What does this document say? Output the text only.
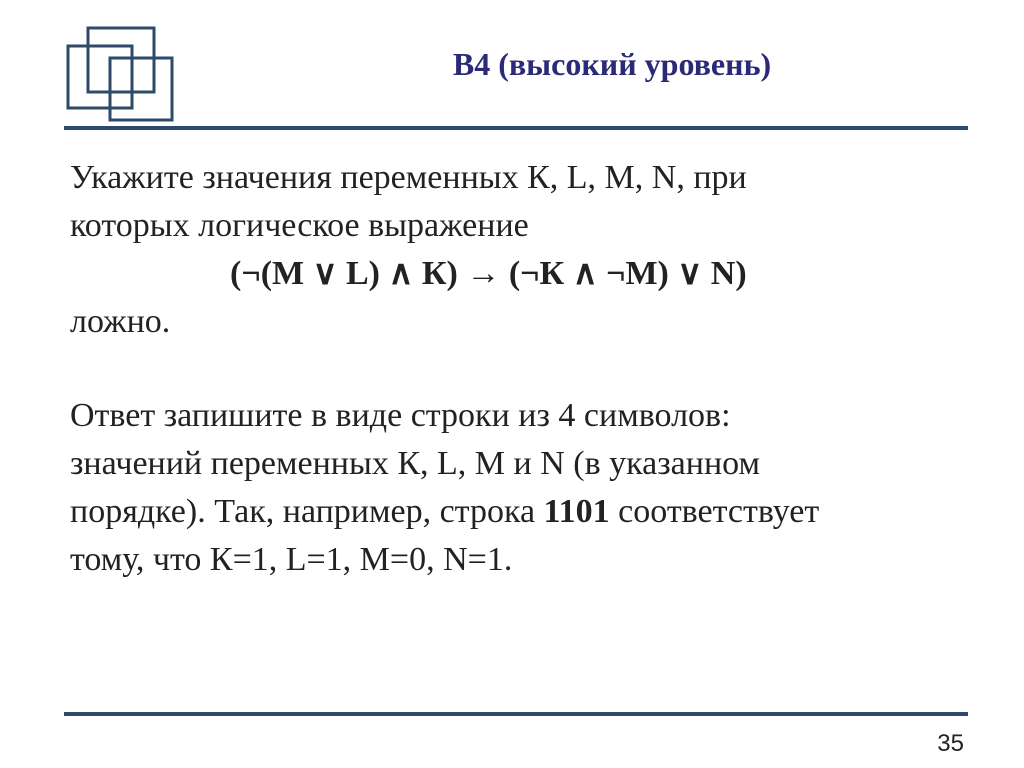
В4 (высокий уровень)
Укажите значения переменных К, L, M, N, при
которых логическое выражение
(¬(M ∨ L) ∧ К) → (¬К ∧ ¬M) ∨ N)
ложно.
Ответ запишите в виде строки из 4 символов:
значений переменных К, L, M и N (в указанном
порядке). Так, например, строка 1101 соответствует
тому, что К=1, L=1, M=0, N=1.
35
